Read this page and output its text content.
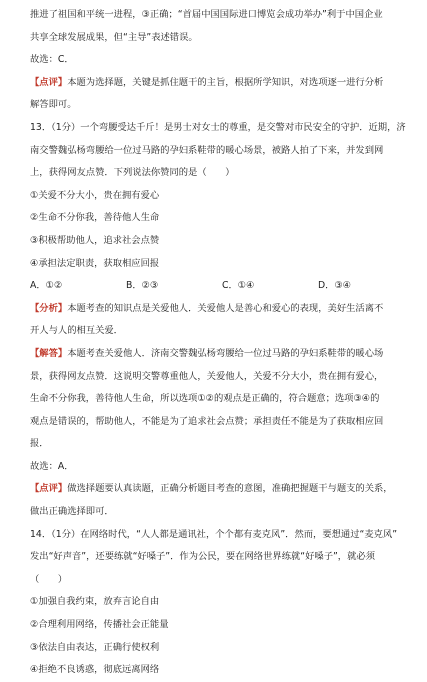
推进了祖国和平统一进程，③正确；“首届中国国际进口博览会成功举办”利于中国企业
共享全球发展成果，但“主导”表述错误。
故选：C．
【点评】本题为选择题，关键是抓住题干的主旨，根据所学知识，对选项逐一进行分析
解答即可。
13．（1分）一个弯腰受达千斤！是男士对女士的尊重，是交警对市民安全的守护．近期，济
南交警魏弘杨弯腰给一位过马路的孕妇系鞋带的暖心场景，被路人拍了下来，并发到网
上，获得网友点赞．下列说法你赞同的是（　　）
①关爱不分大小，贵在拥有爱心
②生命不分你我，善待他人生命
③积极帮助他人，追求社会点赞
④承担法定职责，获取相应回报
A．①②	B．②③	C．①④	D．③④
【分析】本题考查的知识点是关爱他人．关爱他人是善心和爱心的表现，美好生活离不
开人与人的相互关爱．
【解答】本题考查关爱他人．济南交警魏弘杨弯腰给一位过马路的孕妇系鞋带的暖心场
景，获得网友点赞．这说明交警尊重他人，关爱他人，关爱不分大小，贵在拥有爱心，
生命不分你我，善待他人生命，所以选项①②的观点是正确的，符合题意；选项③④的
观点是错误的，帮助他人，不能是为了追求社会点赞；承担责任不能是为了获取相应回
报．
故选：A．
【点评】做选择题要认真读题，正确分析题目考查的意图，准确把握题干与题支的关系，
做出正确选择即可．
14．（1分）在网络时代，“人人都是通讯社，个个都有麦克风”．然而，要想通过“麦克风”
发出“好声音”，还要练就“好嗓子”．作为公民，要在网络世界练就“好嗓子”，就必须
（　　）
①加强自我约束，放弃言论自由
②合理利用网络，传播社会正能量
③依法自由表达，正确行使权利
④拒绝不良诱惑，彻底远离网络
